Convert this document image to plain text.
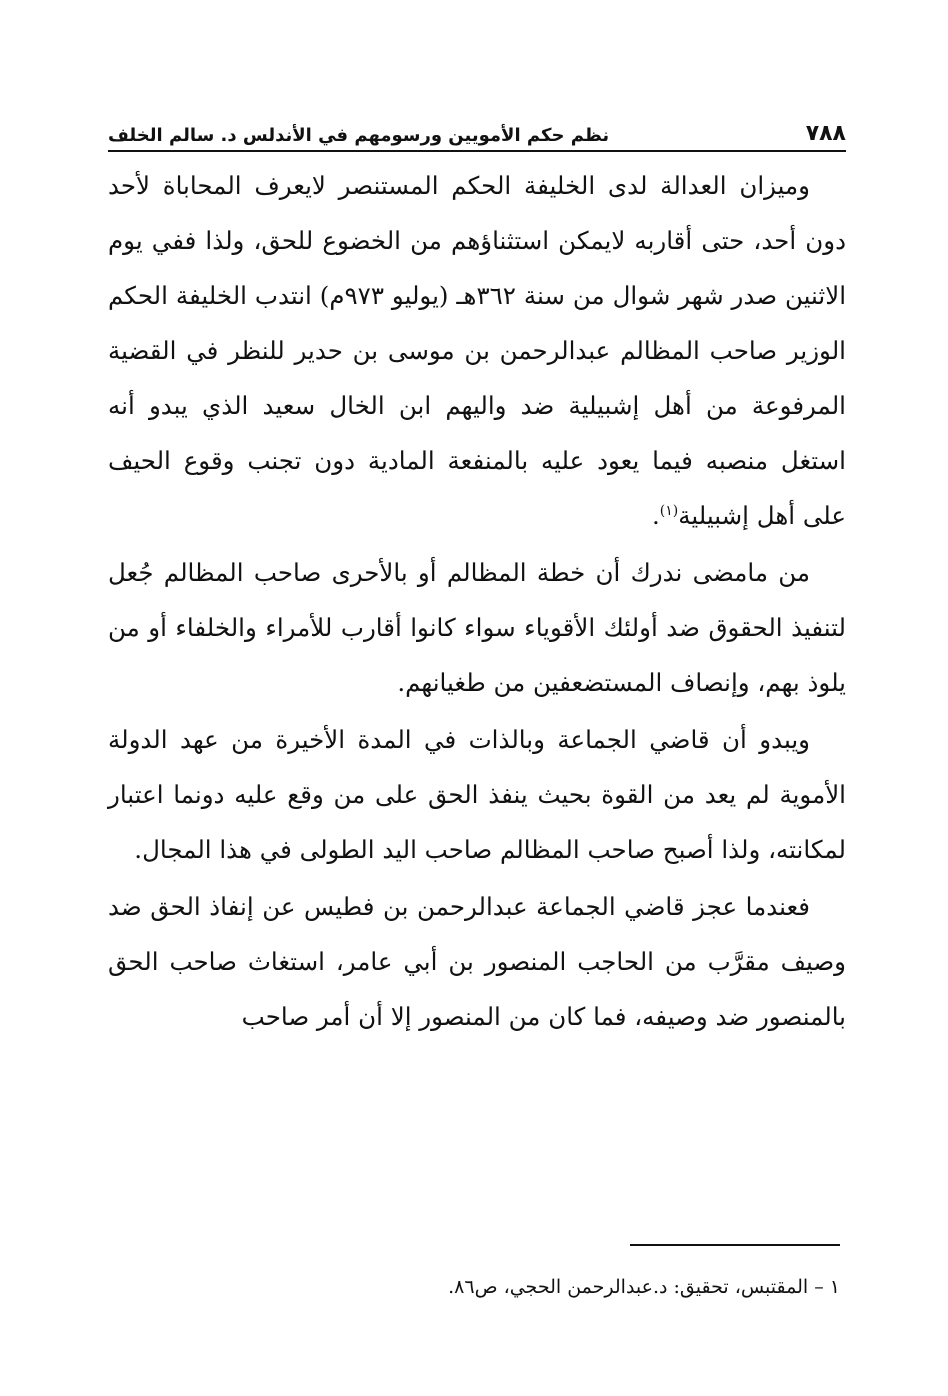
٧٨٨
نظم حكم الأمويين ورسومهم في الأندلس د. سالم الخلف

وميزان العدالة لدى الخليفة الحكم المستنصر لايعرف المحاباة لأحد دون أحد، حتى أقاربه لايمكن استثناؤهم من الخضوع للحق، ولذا ففي يوم الاثنين صدر شهر شوال من سنة ٣٦٢هـ (يوليو ٩٧٣م) انتدب الخليفة الحكم الوزير صاحب المظالم عبدالرحمن بن موسى بن حدير للنظر في القضية المرفوعة من أهل إشبيلية ضد واليهم ابن الخال سعيد الذي يبدو أنه استغل منصبه فيما يعود عليه بالمنفعة المادية دون تجنب وقوع الحيف على أهل إشبيلية$^{(١)}$.

من مامضى ندرك أن خطة المظالم أو بالأحرى صاحب المظالم جُعل لتنفيذ الحقوق ضد أولئك الأقوياء سواء كانوا أقارب للأمراء والخلفاء أو من يلوذ بهم، وإنصاف المستضعفين من طغيانهم.

ويبدو أن قاضي الجماعة وبالذات في المدة الأخيرة من عهد الدولة الأموية لم يعد من القوة بحيث ينفذ الحق على من وقع عليه دونما اعتبار لمكانته، ولذا أصبح صاحب المظالم صاحب اليد الطولى في هذا المجال.

فعندما عجز قاضي الجماعة عبدالرحمن بن فطيس عن إنفاذ الحق ضد وصيف مقرَّب من الحاجب المنصور بن أبي عامر، استغاث صاحب الحق بالمنصور ضد وصيفه، فما كان من المنصور إلا أن أمر صاحب

١ – المقتبس، تحقيق: د.عبدالرحمن الحجي، ص٨٦.
